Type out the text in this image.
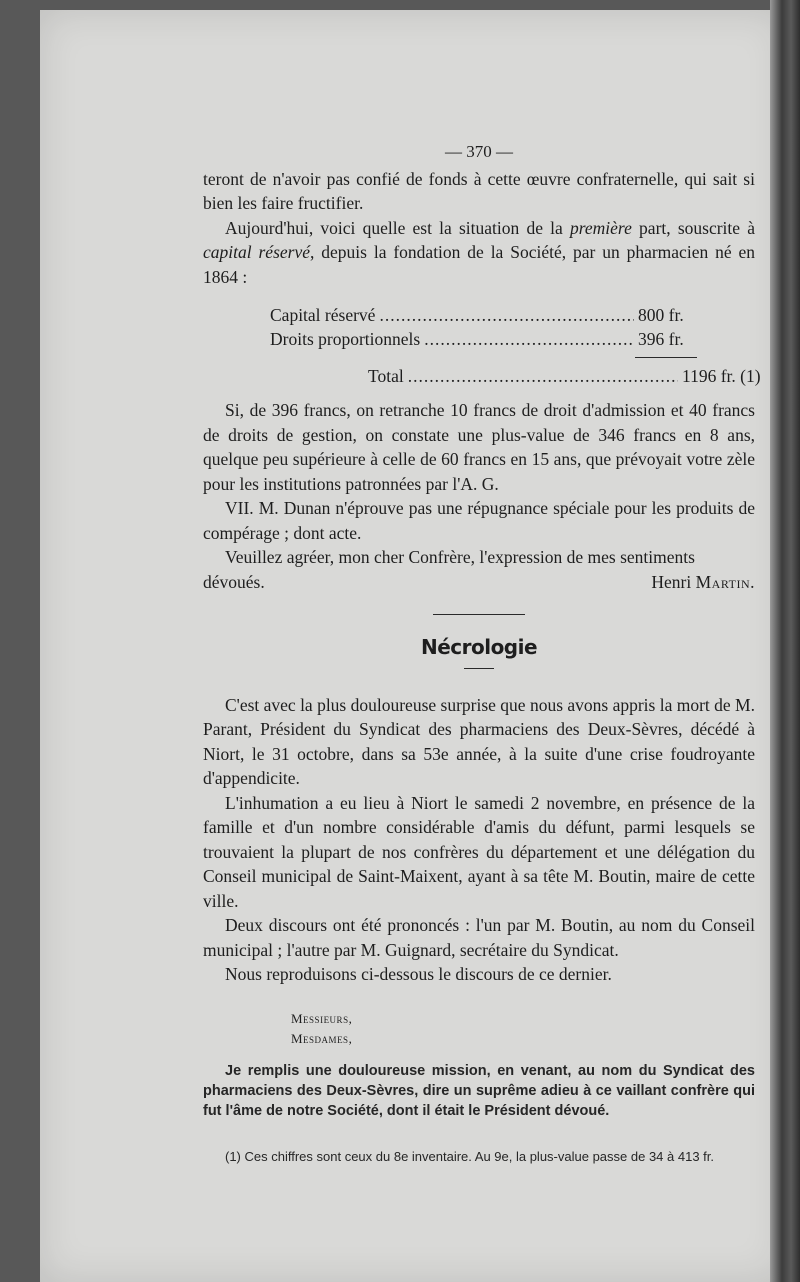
— 370 —

teront de n'avoir pas confié de fonds à cette œuvre confraternelle, qui sait si bien les faire fructifier.

Aujourd'hui, voici quelle est la situation de la première part, souscrite à capital réservé, depuis la fondation de la Société, par un pharmacien né en 1864 :

Capital réservé .....	800 fr.
Droits proportionnels .....	396 fr.
Total .....	1196 fr. (1)

Si, de 396 francs, on retranche 10 francs de droit d'admission et 40 francs de droits de gestion, on constate une plus-value de 346 francs en 8 ans, quelque peu supérieure à celle de 60 francs en 15 ans, que prévoyait votre zèle pour les institutions patronnées par l'A. G.

VII. M. Dunan n'éprouve pas une répugnance spéciale pour les produits de compérage ; dont acte.

Veuillez agréer, mon cher Confrère, l'expression de mes sentiments

dévoués.	Henri Martin.
Nécrologie

C'est avec la plus douloureuse surprise que nous avons appris la mort de M. Parant, Président du Syndicat des pharmaciens des Deux-Sèvres, décédé à Niort, le 31 octobre, dans sa 53e année, à la suite d'une crise foudroyante d'appendicite.

L'inhumation a eu lieu à Niort le samedi 2 novembre, en présence de la famille et d'un nombre considérable d'amis du défunt, parmi lesquels se trouvaient la plupart de nos confrères du département et une délégation du Conseil municipal de Saint-Maixent, ayant à sa tête M. Boutin, maire de cette ville.

Deux discours ont été prononcés : l'un par M. Boutin, au nom du Conseil municipal ; l'autre par M. Guignard, secrétaire du Syndicat.

Nous reproduisons ci-dessous le discours de ce dernier.

Messieurs,
Mesdames,

Je remplis une douloureuse mission, en venant, au nom du Syndicat des pharmaciens des Deux-Sèvres, dire un suprême adieu à ce vaillant confrère qui fut l'âme de notre Société, dont il était le Président dévoué.

(1) Ces chiffres sont ceux du 8e inventaire. Au 9e, la plus-value passe de 34 à 413 fr.
